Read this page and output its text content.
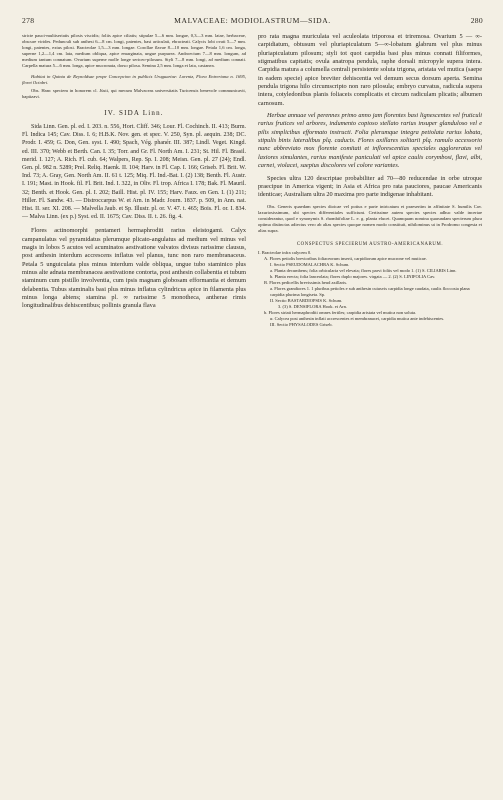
278	MALVACEAE: MODIOLASTRUM—SIDA.	280

stricte pauci-multiseriatis pilosis viscidis; foliis apice ciliatis; stipulae 5—6 mm. longae, 0,3—3 mm. latae, herbaceae, obscure virides. Pedunculi sub anthesi 6—8 cm. longi, patentes, basi articulati, ebracteati. Calycis lobi ovati 5—7 mm. longi, patentes, extus pilosi. Bracteolae 1,5—3 mm. longae. Corollae flavae 8—10 mm. longae. Petala 1,6 cm. longa, superne 1,2—1,4 cm. lata, medium obliqua, apice emarginata, ungue purpurea. Androecium 7—8 mm. longum, ad medium tantum connatum. Ovarium superne molle longe sericeo-pilosum. Styli 7—8 mm. longi, ad medium connati. Carpella matura 5—6 mm. longa, apice mucronata, dorso pilosa. Semina 2,5 mm. longa et lata, castanea.

Habitat in Quinta de Reynoldsae prope Concepcion in publicis Uruguariae: Lorentz, Flora Entreriana n. 1695, floret Octobri.

Obs. Hanc speciem in honorem cl. Jüsti, qui mecum Malvaceas universitatis Turicensis benevole communicavit, baptizavi.

IV. SIDA Linn.

Sida Linn. Gen. pl. ed. I. 203. n. 556, Hort. Cliff. 346; Lour. Fl. Cochinch. II. 413; Burm. Fl. Indica 145; Cav. Diss. I. 6; H.B.K. Nov. gen. et spec. V. 250, Syn. pl. aequin. 238; DC. Prodr. I. 459; G. Don, Gen. syst. I. 490; Spach, Vég. phanér. III. 387; Lindl. Veget. Kingd. ed. III. 370; Webb et Berth. Can. I. 35; Torr. and Gr. Fl. North Am. I. 231; St. Hil. Fl. Brasil. merid. I. 127; A. Rich. Fl. cub. 64; Walpers, Rep. Sp. I. 208; Meisn. Gen. pl. 27 (24); Endl. Gen. pl. 982 n. 5289; Prel. Reliq. Haenk. II. 104; Harv. in Fl. Cap. I. 166; Griseb. Fl. Brit. W. Ind. 73; A. Gray, Gen. North Am. II. 61 t. 125; Miq. Fl. Ind.-Bat. I. (2) 138; Benth. Fl. Austr. I. 191; Mast. in Hook. fil. Fl. Brit. Ind. I. 322, in Oliv. Fl. trop. Africa I. 178; Bak. Fl. Mauril. 32; Benth. et Hook. Gen. pl. I. 202; Baill. Hist. pl. IV. 155; Harv. Faux. en Gen. I. (1) 211; Hiller. Fl. Sandw. 43. — Distroccarpus W. et Arn. in Madr. Journ. 1837. p. 509, in Ann. nat. Hist. II. ser. XI. 208. — Malvella Jaub. et Sp. Illustr. pl. or. V. 47. t. 465; Bois. Fl. or. I. 834. — Malva Linn. (ex p.) Syst. ed. II. 1675; Cav. Diss. II. t. 26. fig. 4.

Flores actinomorphi pentameri hermaphroditi rarius eleistogami. Calyx campanulatus vel pyramidatus plerumque plicato-angulatus ad medium vel minus vel magis in lobos 5 acutos vel acuminatos aestivatione valvatos divisus rarissime clausus, post anthesin interdum accrescens inflatus vel planus, tunc non raro membranaceus. Petala 5 unguiculata plus minus interdum valde obliqua, ungue tubo staminico plus minus alte adnata membranacea aestivatione contorta, post anthesin collabentia et tubum staminum cum pistillo involventia, cum ipsis magnam globosam efformantia et demum delabentia. Tubus staminalis basi plus minus inflatus cylindricus apice in filamenta plus minus longa abiens; stamina pl. ∞ rarissime 5 monotheca, antherae rimis longitudinalibus dehiscentibus; pollinis granula flava

pro rata magna muriculata vel aculeolata triporosa et triremosa. Ovarium 5 — ∞-carpidiatum, obtusum vel pluriapiculatum 5—∞-lobatum glabrum vel plus minus pluriapiculatum pilosum; styli tot quot carpidia basi plus minus connati filiformes, stigmatibus capitatis; ovula anatropa pendula, raphe dorsali micropyle supera intera. Carpidia matura a columella centrali persistente soluta trigona, aristata vel mutica (saepe in eadem specie) apice breviter dehiscentia vel demum secus dorsum aperta. Semina pendula trigona hilo circumscripto non raro pilosula; embryo curvatus, radicula supera intera, cotyledonibus planis foliaceis complicatis et circum radiculam plicatis; albumen carnosum.

Herbae annuae vel perennes primo anno jam florentes basi lignescentes vel fruticuli rarius frutices vel arbores, indumento copioso stellato rarius insuper glanduloso vel e pilis simplicibus efformato instructi. Folia plerumque integra petiolata rarius lobata, stipulis binis lateralibus plq. caducis. Flores axillares solitarii plq. ramulo accessorio nunc abbreviato mox florente comitati et inflorescentias speciales aggloreratas vel laxiores simulantes, rarius manifeste paniculati vel apice caulis corymbosi, flavi, albi, carnei, violacei, saepius discolores vel colore variantes.

Species ultra 120 descriptae probabiliter ad 70—80 reducendae in orbe utroque praecipue in America vigent; in Asia et Africa pro rata pauciores, paucae Americanis identicae; Australiam ultra 20 maxima pro parte indigenae inhabitant.

Obs. Generis quaedam species dioicae vel potius e parte intricatum et praesertim in affinitate S. humilis Cav. laxuriosissimum, ubi species differentiales sufficiunt. Certissime autem species species adhuc valde incertae considerantur, quod e synonymis S. rhombifoliae L. e. g. planta elucet. Quamquam nomina quarundam specierum plura optima distinctas adiectus vero ab alias species quoque nomen modo constituit, nihilominus ut in Prodromo congesta et alias supra.

CONSPECTUS SPECIERUM AUSTRO-AMERICANARUM.

I. Bracteolae infra calycem 0.

A. Flores petiolis brevioribus foliaceorum inserti, carpidiorum apice mucrone vel muticae.

I. Sectio PSEUDOMALACHRA K. Schum.

a. Planta decumbens; folia orbicularia vel elevata; flores parvi foliis vel modo 1. (1) S. CILIARIS Linn.

b. Planta erecta; folia lanceolata; flores duplo majores. virgata — 2. (2) S. LINIFOLIA Cav.

B. Flores pedicellis brevissimis heud axillaris.

a. Flores grandiores 1. 1 pluribus petioles e sub anthesin cuiusvis carpidia longe caudata, caulis floccosia plana carpidia plurima longiseta. Sp.

II. Sectio BASTARDIOPSIS K. Schum.

3. (3) S. DENSIFLORA Hook. et Arn.

b. Flores striati hermaphroditi omnes fertiles; carpidia aristata vel mutica non soluta.

α. Calycea post anthesin inflati accrescentes et membranacei, carpidia mutica ante indehiscentes.

III. Sectio PHYSALODES Griseb.
